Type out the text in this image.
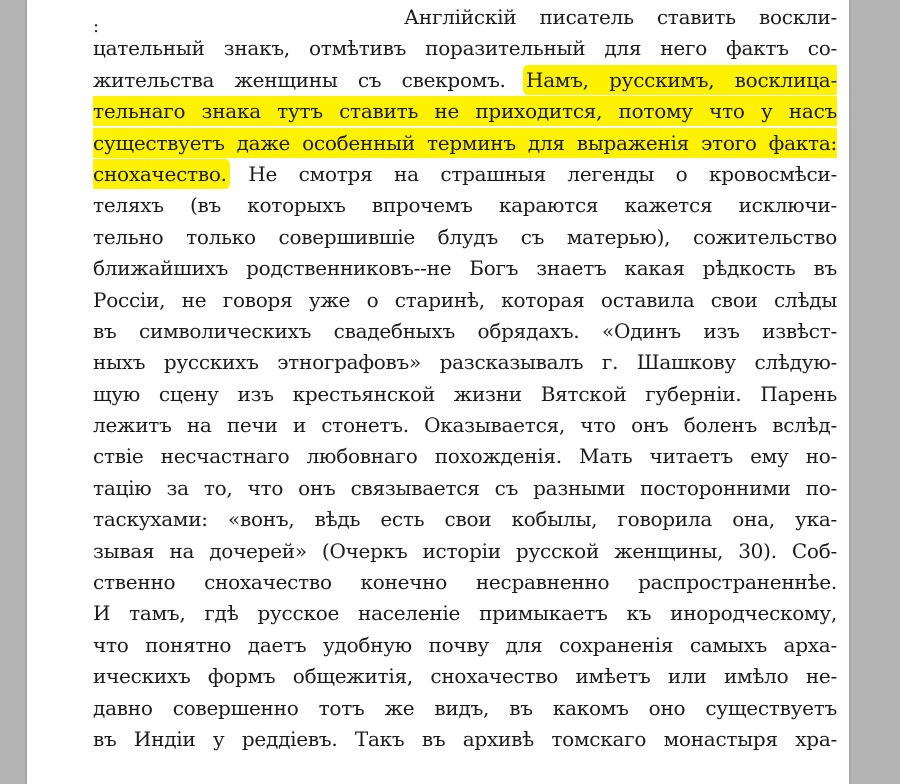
:	Англійскій писатель ставить воскли-
цательный знакъ, отмѣтивъ поразительный для него фактъ со-
жительства женщины съ свекромъ. Намъ, русскимъ, восклица-
тельнаго знака тутъ ставить не приходится, потому что у насъ
существуетъ даже особенный терминъ для выраженія этого факта:
снохачество. Не смотря на страшныя легенды о кровосмѣси-
теляхъ (въ которыхъ впрочемъ караются кажется исключи-
тельно только совершившіе блудъ съ матерью), сожительство
ближайшихъ родственниковъ--не Богъ знаетъ какая рѣдкость въ
Россіи, не говоря уже о старинѣ, которая оставила свои слѣды
въ символическихъ свадебныхъ обрядахъ. «Одинъ изъ извѣст-
ныхъ русскихъ этнографовъ» разсказывалъ г. Шашкову слѣдую-
щую сцену изъ крестьянской жизни Вятской губерніи. Парень
лежитъ на печи и стонетъ. Оказывается, что онъ боленъ вслѣд-
ствіе несчастнаго любовнаго похожденія. Мать читаетъ ему но-
тацію за то, что онъ связывается съ разными посторонними по-
таскухами: «вонъ, вѣдь есть свои кобылы, говорила она, ука-
зывая на дочерей» (Очеркъ исторіи русской женщины, 30). Соб-
ственно снохачество конечно несравненно распространеннѣе.
И тамъ, гдѣ русское населеніе примыкаетъ къ инородческому,
что понятно даетъ удобную почву для сохраненія самыхъ архa-
ическихъ формъ общежитія, снохачество имѣетъ или имѣло не-
давно совершенно тотъ же видъ, въ какомъ оно существуетъ
въ Индіи у реддіевъ. Такъ въ архивѣ томскаго монастыря хра-
